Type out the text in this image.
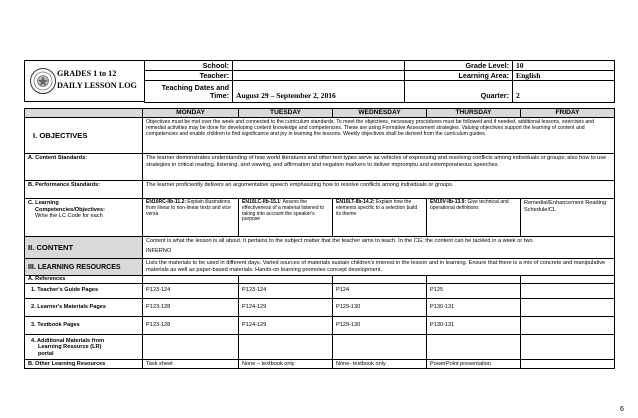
GRADES 1 to 12
DAILY LESSON LOG
School:		Grade Level:	10
Teacher:		Learning Area:	English

Teaching Dates and
Time:	August 29 – September 2, 2016	Quarter:	2
	MONDAY	TUESDAY	WEDNESDAY	THURSDAY	FRIDAY
I. OBJECTIVES	Objectives must be met over the week and connected to the curriculum standards. To meet the objectives, necessary procedures must be followed and if needed, additional lessons, exercises and remedial activities may be done for developing content knowledge and competencies. These are using Formative Assessment strategies. Valuing objectives support the learning of content and competencies and enable children to find significance and joy in learning the lessons. Weekly objectives shall be derived from the curriculum guides.				
A. Content Standards:	The learner demonstrates understanding of how world literatures and other text types serve as vehicles of expressing and resolving conflicts among individuals or groups; also how to use strategies in critical reading, listening, and viewing, and affirmation and negation markers to deliver impromptu and extemporaneous speeches.				
B. Performance Standards:	The learner proficiently delivers an argumentative speech emphasizing how to resolve conflicts among individuals or groups.				

C. Learning
Competencies/Objectives:
Write the LC Code for each	EN10RC-IIb-11.2: Explain illustrations from linear to non-linear texts and vice versa	EN10LC-IIb-15.1: Assess the effectiveness of a material listened to taking into account the speaker's purpose	EN10LT-IIb-14.2: Explain how the elements specific to a selection build its theme	EN10V-IIb-13.9: Give technical and operational definitions	Remedial/Enhancement Reading Schedule/CL
II. CONTENT	Content is what the lesson is all about. It pertains to the subject matter that the teacher aims to teach. In the CG, the content can be tackled in a week or two.
INFERNO				

III. LEARNING RESOURCES	Lists the materials to be used in different days. Varied sources of materials sustain children's interest in the lesson and in learning. Ensure that there is a mix of concrete and manipulative materials as well as paper-based materials. Hands-on learning promotes concept development.				
A. References					
1. Teacher's Guide Pages	P123-124	P123-124	P124	P125	
2. Learner's Materials Pages	P123-128	P124-129	P129-130	P130-131	
3. Textbook Pages	P123-128	P124-129	P129-130	P130-131	

4. Additional Materials from
Learning Resource (LR)
portal					

B. Other Learning Resources	Task sheet	None – textbook only	None- textbook only	PowerPoint presentation	
6
